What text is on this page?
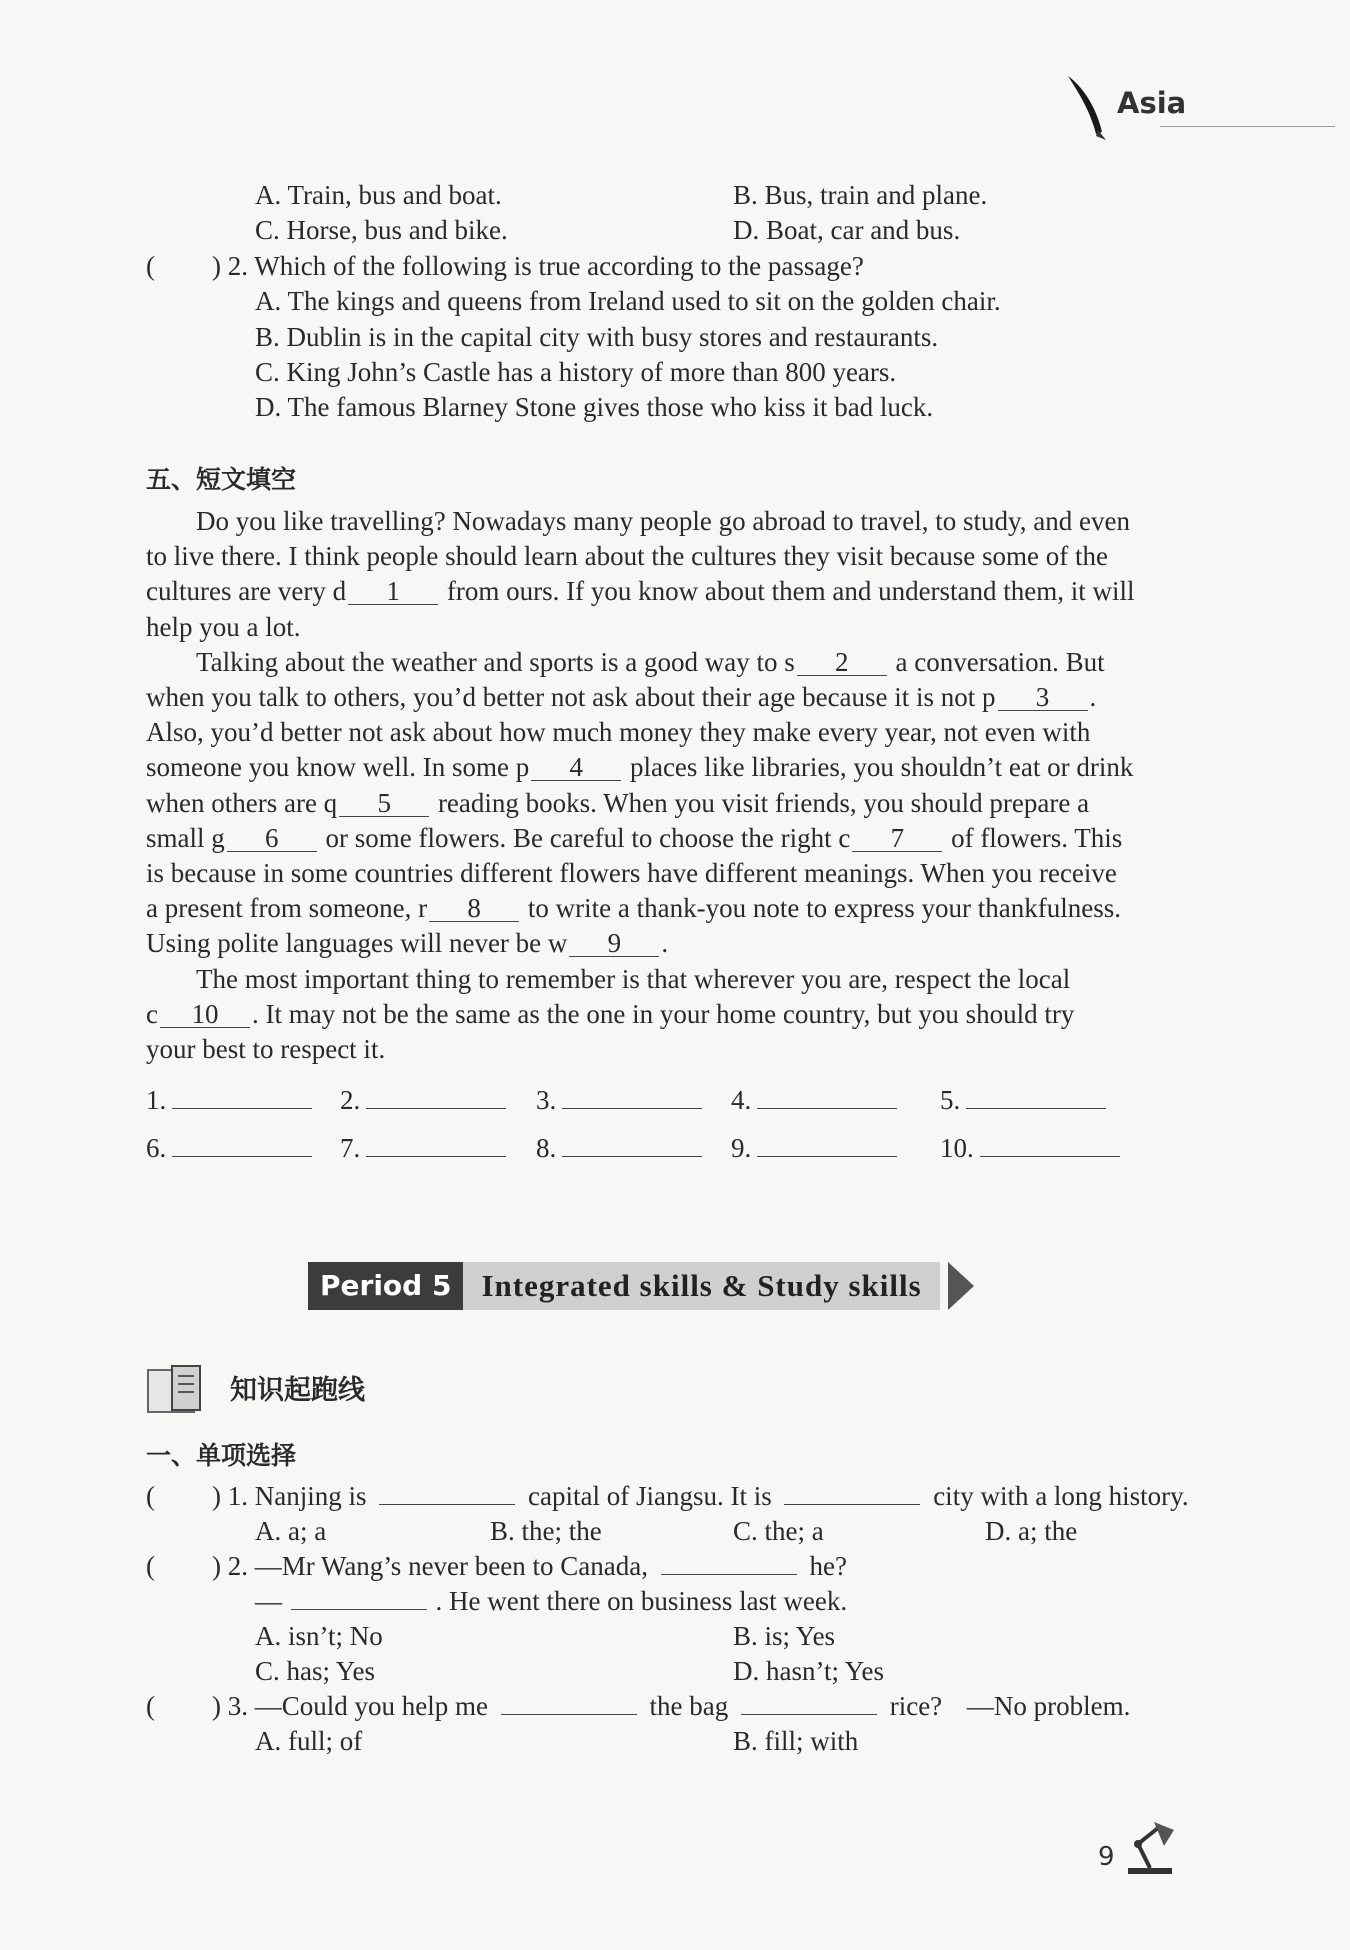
Asia
A. Train, bus and boat.	B. Bus, train and plane.
C. Horse, bus and bike.	D. Boat, car and bus.
( ) 2. Which of the following is true according to the passage?
A. The kings and queens from Ireland used to sit on the golden chair.
B. Dublin is in the capital city with busy stores and restaurants.
C. King John’s Castle has a history of more than 800 years.
D. The famous Blarney Stone gives those who kiss it bad luck.
五、短文填空
Do you like travelling? Nowadays many people go abroad to travel, to study, and even
to live there. I think people should learn about the cultures they visit because some of the
cultures are very d 1 from ours. If you know about them and understand them, it will
help you a lot.
Talking about the weather and sports is a good way to s 2 a conversation. But
when you talk to others, you’d better not ask about their age because it is not p 3 .
Also, you’d better not ask about how much money they make every year, not even with
someone you know well. In some p 4 places like libraries, you shouldn’t eat or drink
when others are q 5 reading books. When you visit friends, you should prepare a
small g 6 or some flowers. Be careful to choose the right c 7 of flowers. This
is because in some countries different flowers have different meanings. When you receive
a present from someone, r 8 to write a thank-you note to express your thankfulness.
Using polite languages will never be w 9 .
The most important thing to remember is that wherever you are, respect the local
c 10 . It may not be the same as the one in your home country, but you should try
your best to respect it.
1.	2.	3.	4.	5.
6.	7.	8.	9.	10.
Period 5 Integrated skills & Study skills
知识起跑线
一、单项选择
( ) 1. Nanjing is	capital of Jiangsu. It is	city with a long history.
A. a; a	B. the; the	C. the; a	D. a; the
( ) 2. —Mr Wang’s never been to Canada,	he?
—	. He went there on business last week.
A. isn’t; No	B. is; Yes
C. has; Yes	D. hasn’t; Yes
( ) 3. —Could you help me	the bag	rice? —No problem.
A. full; of	B. fill; with
9
